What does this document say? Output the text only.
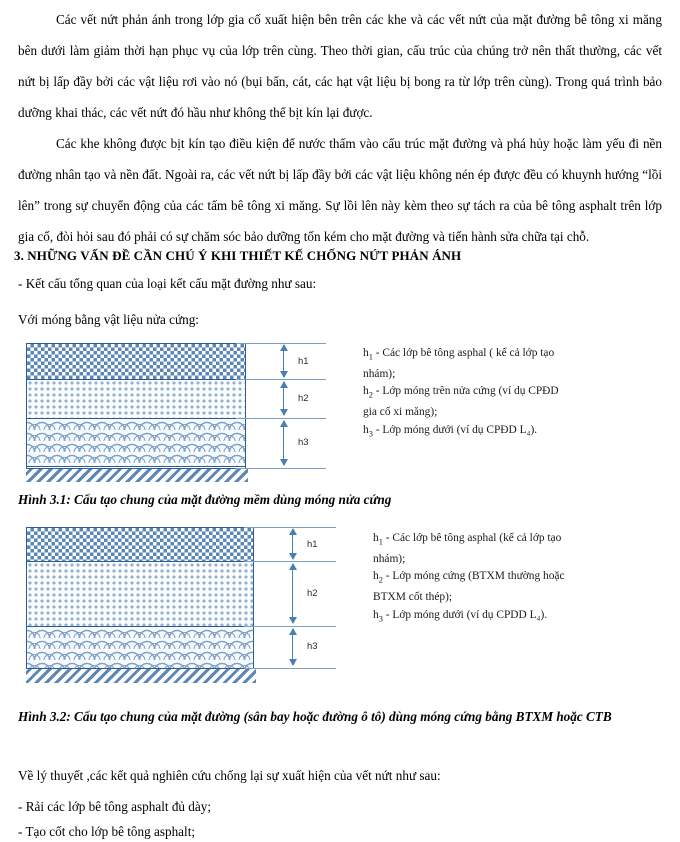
Các vết nứt phản ánh trong lớp gia cố xuất hiện bên trên các khe và các vết nứt của mặt đường bê tông xi măng bên dưới làm giảm thời hạn phục vụ của lớp trên cùng. Theo thời gian, cấu trúc của chúng trở nên thất thường, các vết nứt bị lấp đầy bởi các vật liệu rơi vào nó (bụi bẩn, cát, các hạt vật liệu bị bong ra từ lớp trên cùng). Trong quá trình bảo dưỡng khai thác, các vết nứt đó hầu như không thể bịt kín lại được.
Các khe không được bịt kín tạo điều kiện để nước thấm vào cấu trúc mặt đường và phá hủy hoặc làm yếu đi nền đường nhân tạo và nền đất. Ngoài ra, các vết nứt bị lấp đầy bởi các vật liệu không nén ép được đều có khuynh hướng “lồi lên” trong sự chuyển động của các tấm bê tông xi măng. Sự lồi lên này kèm theo sự tách ra của bê tông asphalt trên lớp gia cố, đòi hỏi sau đó phải có sự chăm sóc bảo dưỡng tốn kém cho mặt đường và tiến hành sửa chữa tại chỗ.
3. NHỮNG VẤN ĐỀ CẦN CHÚ Ý KHI THIẾT KẾ CHỐNG NỨT PHẢN ÁNH
- Kết cấu tổng quan của loại kết cấu mặt đường như sau:
Với móng bằng vật liệu nửa cứng:
h1
h2
h3
$h_1$ - Các lớp bê tông asphal ( kể cả lớp tạo
nhám);
$h_2$ - Lớp móng trên nửa cứng (ví dụ CPĐD
gia cố xi măng);
$h_3$ - Lớp móng dưới (ví dụ CPĐD L₄).
Hình 3.1: Cấu tạo chung của mặt đường mềm dùng móng nửa cứng
h1
h2
h3
$h_1$ - Các lớp bê tông asphal (kể cả lớp tạo
nhám);
$h_2$ - Lớp móng cứng (BTXM thường hoặc
BTXM cốt thép);
$h_3$ - Lớp móng dưới (ví dụ CPDD L₄).
Hình 3.2: Cấu tạo chung của mặt đường (sân bay hoặc đường ô tô) dùng móng cứng bằng BTXM hoặc CTB
Về lý thuyết ,các kết quả nghiên cứu chống lại sự xuất hiện của vết nứt như sau:
- Rải các lớp bê tông asphalt đủ dày;
- Tạo cốt cho lớp bê tông asphalt;
